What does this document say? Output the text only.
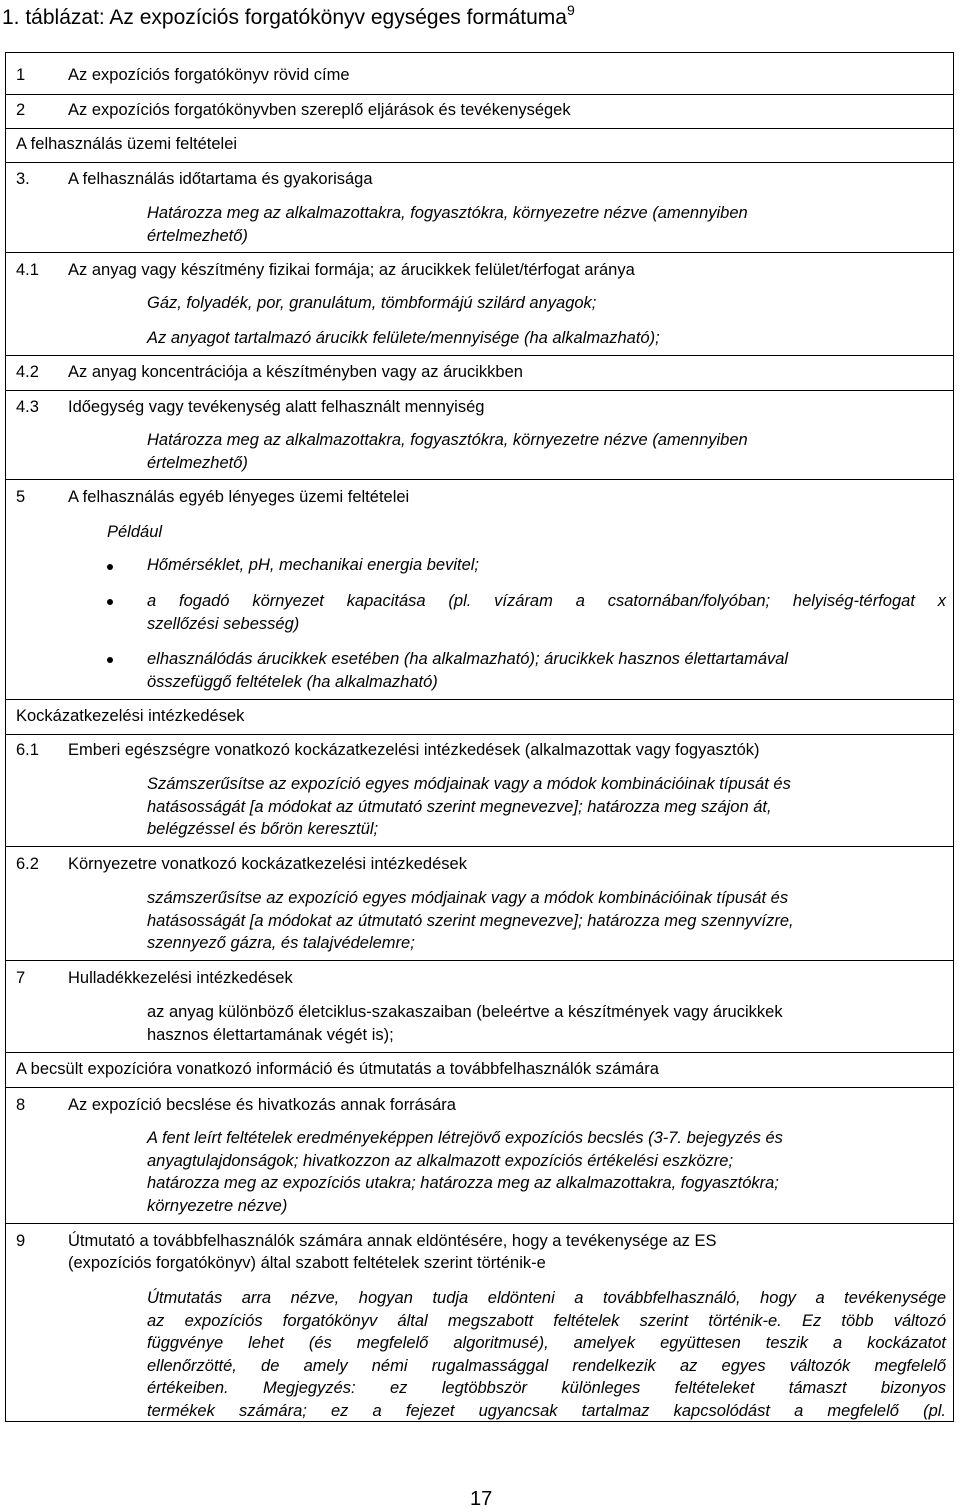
1. táblázat: Az expozíciós forgatókönyv egységes formátuma$^9$
1	Az expozíciós forgatókönyv rövid címe
2	Az expozíciós forgatókönyvben szereplő eljárások és tevékenységek
A felhasználás üzemi feltételei
3. A felhasználás időtartama és gyakorisága
Határozza meg az alkalmazottakra, fogyasztókra, környezetre nézve (amennyiben
értelmezhető)
4.1 Az anyag vagy készítmény fizikai formája; az árucikkek felület/térfogat aránya
Gáz, folyadék, por, granulátum, tömbformájú szilárd anyagok;
Az anyagot tartalmazó árucikk felülete/mennyisége (ha alkalmazható);
4.2 Az anyag koncentrációja a készítményben vagy az árucikkben
4.3 Időegység vagy tevékenység alatt felhasznált mennyiség
Határozza meg az alkalmazottakra, fogyasztókra, környezetre nézve (amennyiben
értelmezhető)
5	A felhasználás egyéb lényeges üzemi feltételei
Például
Hőmérséklet, pH, mechanikai energia bevitel;
a fogadó környezet kapacitása (pl. vízáram a csatornában/folyóban; helyiség-térfogat x
szellőzési sebesség)
elhasználódás árucikkek esetében (ha alkalmazható); árucikkek hasznos élettartamával
összefüggő feltételek (ha alkalmazható)
Kockázatkezelési intézkedések
6.1 Emberi egészségre vonatkozó kockázatkezelési intézkedések (alkalmazottak vagy fogyasztók)
Számszerűsítse az expozíció egyes módjainak vagy a módok kombinációinak típusát és
hatásosságát [a módokat az útmutató szerint megnevezve]; határozza meg szájon át,
belégzéssel és bőrön keresztül;
6.2 Környezetre vonatkozó kockázatkezelési intézkedések
számszerűsítse az expozíció egyes módjainak vagy a módok kombinációinak típusát és
hatásosságát [a módokat az útmutató szerint megnevezve]; határozza meg szennyvízre,
szennyező gázra, és talajvédelemre;
7	Hulladékkezelési intézkedések
az anyag különböző életciklus-szakaszaiban (beleértve a készítmények vagy árucikkek
hasznos élettartamának végét is);
A becsült expozícióra vonatkozó információ és útmutatás a továbbfelhasználók számára
8	Az expozíció becslése és hivatkozás annak forrására
A fent leírt feltételek eredményeképpen létrejövő expozíciós becslés (3-7. bejegyzés és
anyagtulajdonságok; hivatkozzon az alkalmazott expozíciós értékelési eszközre;
határozza meg az expozíciós utakra; határozza meg az alkalmazottakra, fogyasztókra;
környezetre nézve)
9	Útmutató a továbbfelhasználók számára annak eldöntésére, hogy a tevékenysége az ES
(expozíciós forgatókönyv) által szabott feltételek szerint történik-e
Útmutatás arra nézve, hogyan tudja eldönteni a továbbfelhasználó, hogy a tevékenysége
az expozíciós forgatókönyv által megszabott feltételek szerint történik-e. Ez több változó
függvénye lehet (és megfelelő algoritmusé), amelyek együttesen teszik a kockázatot
ellenőrzötté, de amely némi rugalmassággal rendelkezik az egyes változók megfelelő
értékeiben. Megjegyzés: ez legtöbbször különleges feltételeket támaszt bizonyos
termékek számára; ez a fejezet ugyancsak tartalmaz kapcsolódást a megfelelő (pl.
17
